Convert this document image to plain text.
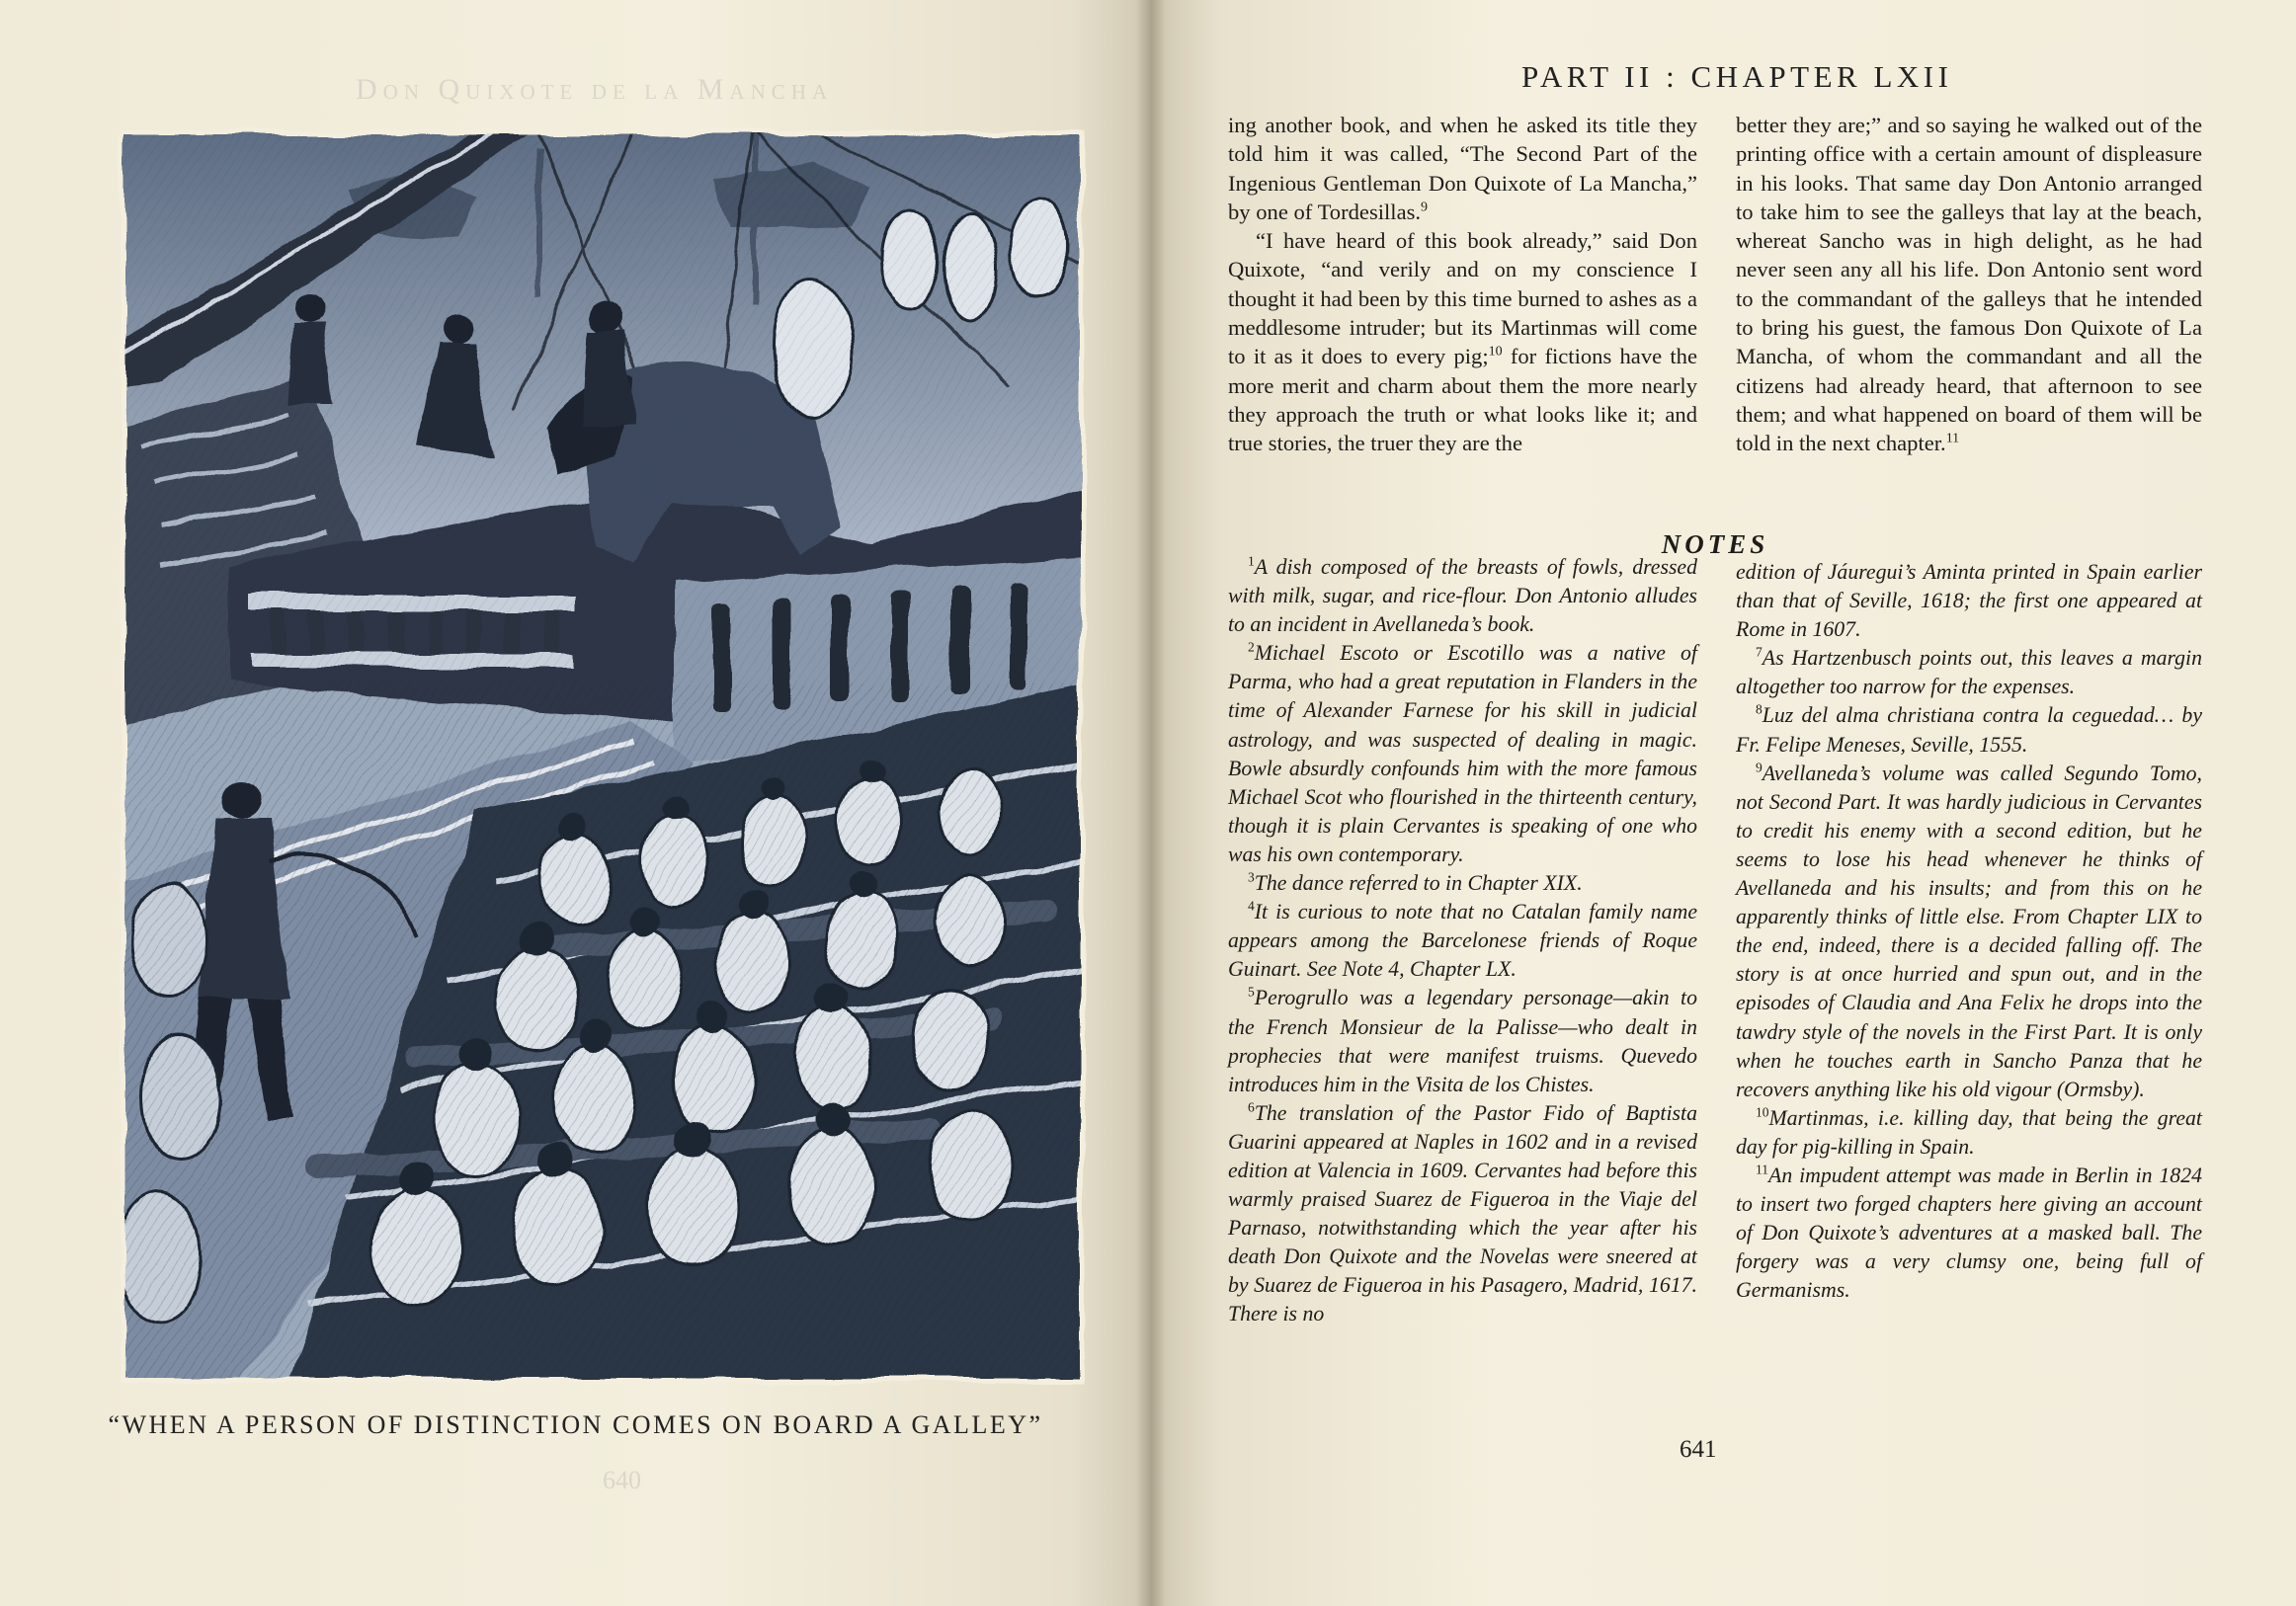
Don Quixote de la Mancha
640
“WHEN A PERSON OF DISTINCTION COMES ON BOARD A GALLEY”
PART II : CHAPTER LXII

ing another book, and when he asked its title they told him it was called, “The Second Part of the Ingenious Gentleman Don Quixote of La Mancha,” by one of Tordesillas.$^9$

“I have heard of this book already,” said Don Quixote, “and verily and on my conscience I thought it had been by this time burned to ashes as a meddlesome intruder; but its Martinmas will come to it as it does to every pig;$^{10}$ for fictions have the more merit and charm about them the more nearly they approach the truth or what looks like it; and true stories, the truer they are the

better they are;” and so saying he walked out of the printing office with a certain amount of displeasure in his looks. That same day Don Antonio arranged to take him to see the galleys that lay at the beach, whereat Sancho was in high delight, as he had never seen any all his life. Don Antonio sent word to the commandant of the galleys that he intended to bring his guest, the famous Don Quixote of La Mancha, of whom the commandant and all the citizens had already heard, that afternoon to see them; and what happened on board of them will be told in the next chapter.$^{11}$

NOTES

$^1$A dish composed of the breasts of fowls, dressed with milk, sugar, and rice-flour. Don Antonio alludes to an incident in Avellaneda’s book.

$^2$Michael Escoto or Escotillo was a native of Parma, who had a great reputation in Flanders in the time of Alexander Farnese for his skill in judicial astrology, and was suspected of dealing in magic. Bowle absurdly confounds him with the more famous Michael Scot who flourished in the thirteenth century, though it is plain Cervantes is speaking of one who was his own contemporary.

$^3$The dance referred to in Chapter XIX.

$^4$It is curious to note that no Catalan family name appears among the Barcelonese friends of Roque Guinart. See Note 4, Chapter LX.

$^5$Perogrullo was a legendary personage—akin to the French Monsieur de la Palisse—who dealt in prophecies that were manifest truisms. Quevedo introduces him in the Visita de los Chistes.

$^6$The translation of the Pastor Fido of Baptista Guarini appeared at Naples in 1602 and in a revised edition at Valencia in 1609. Cervantes had before this warmly praised Suarez de Figueroa in the Viaje del Parnaso, notwithstanding which the year after his death Don Quixote and the Novelas were sneered at by Suarez de Figueroa in his Pasagero, Madrid, 1617. There is no

edition of Jáuregui’s Aminta printed in Spain earlier than that of Seville, 1618; the first one appeared at Rome in 1607.

$^7$As Hartzenbusch points out, this leaves a margin altogether too narrow for the expenses.

$^8$Luz del alma christiana contra la ceguedad… by Fr. Felipe Meneses, Seville, 1555.

$^9$Avellaneda’s volume was called Segundo Tomo, not Second Part. It was hardly judicious in Cervantes to credit his enemy with a second edition, but he seems to lose his head whenever he thinks of Avellaneda and his insults; and from this on he apparently thinks of little else. From Chapter LIX to the end, indeed, there is a decided falling off. The story is at once hurried and spun out, and in the episodes of Claudia and Ana Felix he drops into the tawdry style of the novels in the First Part. It is only when he touches earth in Sancho Panza that he recovers anything like his old vigour (Ormsby).

$^{10}$Martinmas, i.e. killing day, that being the great day for pig-killing in Spain.

$^{11}$An impudent attempt was made in Berlin in 1824 to insert two forged chapters here giving an account of Don Quixote’s adventures at a masked ball. The forgery was a very clumsy one, being full of Germanisms.

641
